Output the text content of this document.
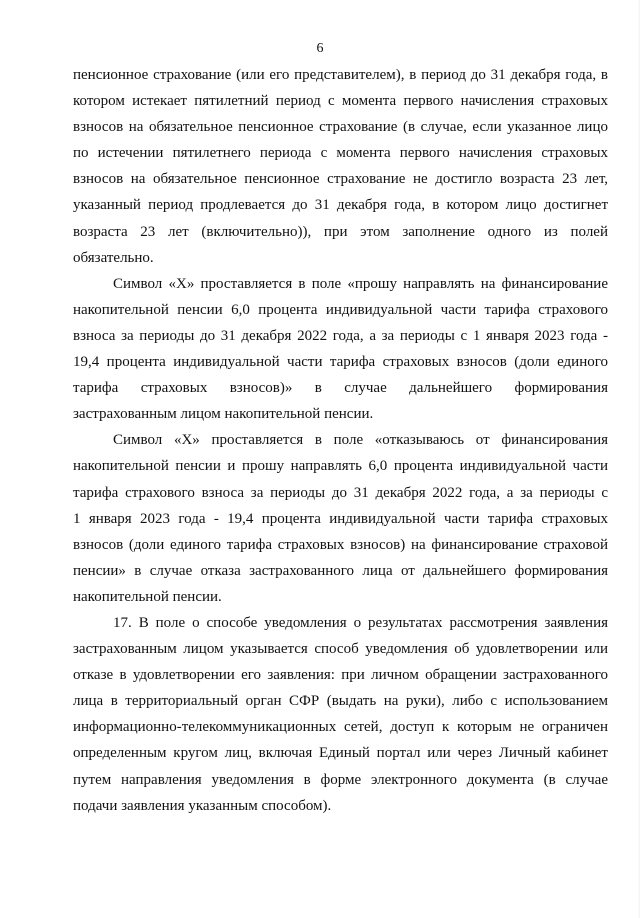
6
пенсионное страхование (или его представителем), в период до 31 декабря года, в
котором истекает пятилетний период с момента первого начисления страховых
взносов на обязательное пенсионное страхование (в случае, если указанное лицо
по истечении пятилетнего периода с момента первого начисления страховых
взносов на обязательное пенсионное страхование не достигло возраста 23 лет,
указанный период продлевается до 31 декабря года, в котором лицо достигнет
возраста 23 лет (включительно)), при этом заполнение одного из полей
обязательно.
Символ «Х» проставляется в поле «прошу направлять на финансирование
накопительной пенсии 6,0 процента индивидуальной части тарифа страхового
взноса за периоды до 31 декабря 2022 года, а за периоды с 1 января 2023 года -
19,4 процента индивидуальной части тарифа страховых взносов (доли единого
тарифа страховых взносов)» в случае дальнейшего формирования
застрахованным лицом накопительной пенсии.
Символ «Х» проставляется в поле «отказываюсь от финансирования
накопительной пенсии и прошу направлять 6,0 процента индивидуальной части
тарифа страхового взноса за периоды до 31 декабря 2022 года, а за периоды с
1 января 2023 года - 19,4 процента индивидуальной части тарифа страховых
взносов (доли единого тарифа страховых взносов) на финансирование страховой
пенсии» в случае отказа застрахованного лица от дальнейшего формирования
накопительной пенсии.
17. В поле о способе уведомления о результатах рассмотрения заявления
застрахованным лицом указывается способ уведомления об удовлетворении или
отказе в удовлетворении его заявления: при личном обращении застрахованного
лица в территориальный орган СФР (выдать на руки), либо с использованием
информационно-телекоммуникационных сетей, доступ к которым не ограничен
определенным кругом лиц, включая Единый портал или через Личный кабинет
путем направления уведомления в форме электронного документа (в случае
подачи заявления указанным способом).
